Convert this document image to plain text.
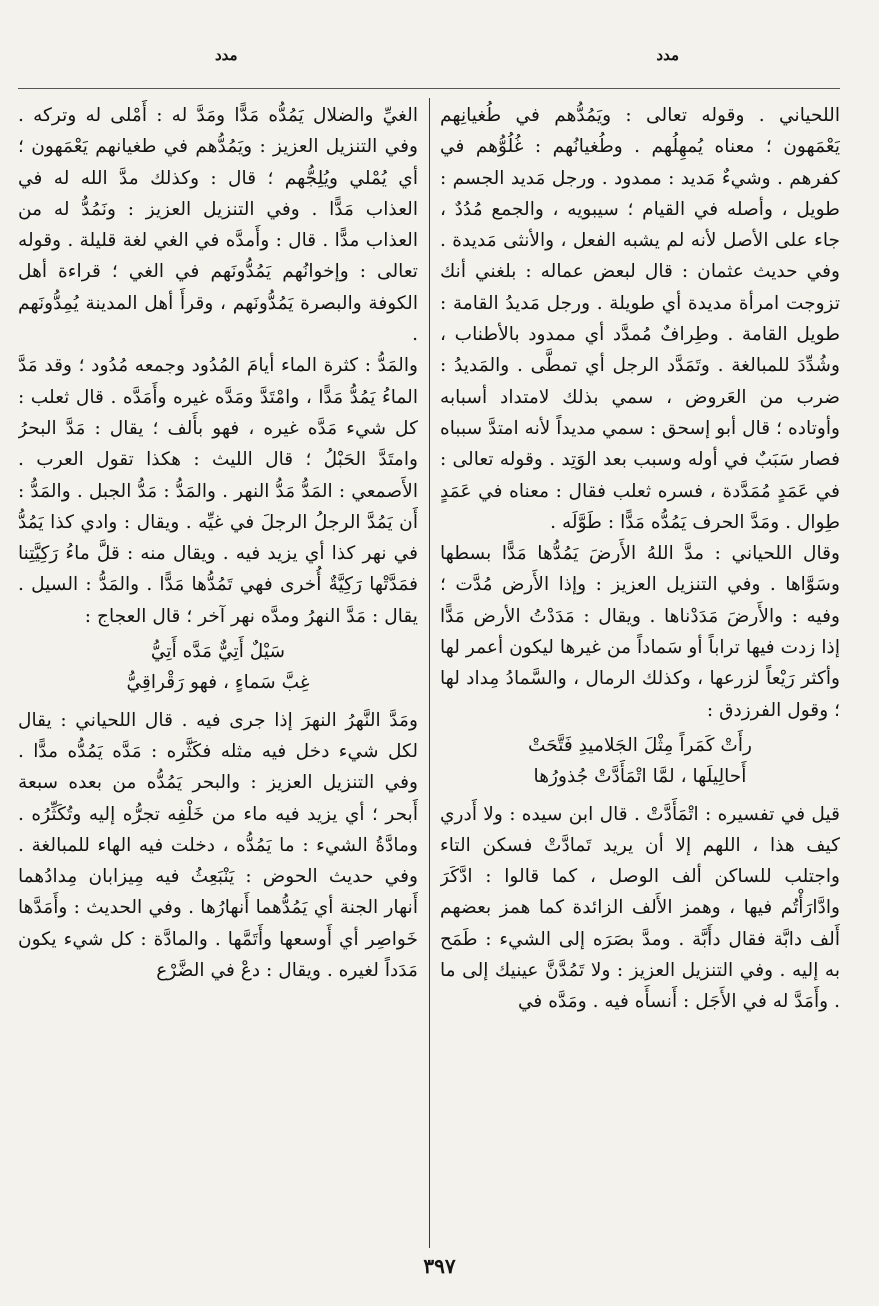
مدد
مدد

اللحياني . وقوله تعالى : ويَمُدُّهم في طُغيانِهم يَعْمَهون ؛ معناه يُمهِلُهم . وطُغيانُهم : غُلُوُّهم في كفرهم . وشيءٌ مَديد : ممدود . ورجل مَديد الجسم : طويل ، وأصله في القيام ؛ سيبويه ، والجمع مُدُدٌ ، جاء على الأصل لأنه لم يشبه الفعل ، والأنثى مَديدة . وفي حديث عثمان : قال لبعض عماله : بلغني أنك تزوجت امرأة مديدة أي طويلة . ورجل مَديدُ القامة : طويل القامة . وطِرافٌ مُمدَّد أي ممدود بالأطناب ، وشُدِّدَ للمبالغة . وتَمَدَّد الرجل أي تمطَّى . والمَديدُ : ضرب من العَروض ، سمي بذلك لامتداد أسبابه وأوتاده ؛ قال أبو إسحق : سمي مديداً لأنه امتدَّ سبباه فصار سَبَبٌ في أوله وسبب بعد الوَتِد . وقوله تعالى : في عَمَدٍ مُمَدَّدة ، فسره ثعلب فقال : معناه في عَمَدٍ طِوال . ومَدَّ الحرف يَمُدُّه مَدًّا : طَوَّلَه .

وقال اللحياني : مدَّ اللهُ الأَرضَ يَمُدُّها مَدًّا بسطها وسَوَّاها . وفي التنزيل العزيز : وإذا الأَرض مُدَّت ؛ وفيه : والأَرضَ مَدَدْناها . ويقال : مَدَدْتُ الأرض مَدًّا إذا زدت فيها تراباً أو سَماداً من غيرها ليكون أعمر لها وأكثر رَيْعاً لزرعها ، وكذلك الرمال ، والسَّمادُ مِداد لها ؛ وقول الفرزدق :

رأَتْ كَمَراً مِثْلَ الجَلاميدِ فَتَّحَتْ
أَحالِيلَها ، لمَّا اتْمَأَدَّتْ جُذورُها

قيل في تفسيره : اتْمَأَدَّتْ . قال ابن سيده : ولا أَدري كيف هذا ، اللهم إلا أن يريد تَمادَّتْ فسكن التاء واجتلب للساكن ألف الوصل ، كما قالوا : ادَّكَرَ وادَّارَأْتُم فيها ، وهمز الأَلف الزائدة كما همز بعضهم أَلف دابَّة فقال دأَبَّة . ومدَّ بصَرَه إلى الشيء : طَمَح به إليه . وفي التنزيل العزيز : ولا تَمُدَّنَّ عينيك إلى ما . وأَمَدَّ له في الأَجَل : أَنسأَه فيه . ومَدَّه في

الغيِّ والضلال يَمُدُّه مَدًّا ومَدَّ له : أَمْلى له وتركه . وفي التنزيل العزيز : ويَمُدُّهم في طغيانهم يَعْمَهون ؛ أي يُمْلي ويُلِجُّهم ؛ قال : وكذلك مدَّ الله له في العذاب مَدًّا . وفي التنزيل العزيز : ونَمُدُّ له من العذاب مدًّا . قال : وأَمدَّه في الغي لغة قليلة . وقوله تعالى : وإخوانُهم يَمُدُّونَهم في الغي ؛ قراءة أهل الكوفة والبصرة يَمُدُّونَهم ، وقرأَ أهل المدينة يُمِدُّونَهم .

والمَدُّ : كثرة الماء أيامَ المُدُود وجمعه مُدُود ؛ وقد مَدَّ الماءُ يَمُدُّ مَدًّا ، وامْتَدَّ ومَدَّه غيره وأَمَدَّه . قال ثعلب : كل شيء مَدَّه غيره ، فهو بأَلف ؛ يقال : مَدَّ البحرُ وامتَدَّ الحَبْلُ ؛ قال الليث : هكذا تقول العرب . الأَصمعي : المَدُّ مَدُّ النهر . والمَدُّ : مَدُّ الجبل . والمَدُّ : أَن يَمُدَّ الرجلُ الرجلَ في غيِّه . ويقال : وادي كذا يَمُدُّ في نهر كذا أي يزيد فيه . ويقال منه : قلَّ ماءُ رَكِيَّتِنا فمَدَّتْها رَكِيَّةٌ أُخرى فهي تَمُدُّها مَدًّا . والمَدُّ : السيل . يقال : مَدَّ النهرُ ومدَّه نهر آخر ؛ قال العجاج :

سَيْلٌ أَتِيٌّ مَدَّه أَتِيُّ
غِبَّ سَماءٍ ، فهو رَقْراقِيُّ

ومَدَّ النَّهرُ النهرَ إذا جرى فيه . قال اللحياني : يقال لكل شيء دخل فيه مثله فكَثَّره : مَدَّه يَمُدُّه مدًّا . وفي التنزيل العزيز : والبحر يَمُدُّه من بعده سبعة أَبحر ؛ أي يزيد فيه ماء من خَلْفِه تجرُّه إليه وتُكَثِّرُه . ومادَّةُ الشيء : ما يَمُدُّه ، دخلت فيه الهاء للمبالغة . وفي حديث الحوض : يَنْبَعِثُ فيه مِيزابان مِدادُهما أَنهار الجنة أي يَمُدُّهما أَنهارُها . وفي الحديث : وأَمَدَّها خَواصِر أي أَوسعها وأَتَمَّها . والمادَّة : كل شيء يكون مَدَداً لغيره . ويقال : دعْ في الضَّرْع

٣٩٧
